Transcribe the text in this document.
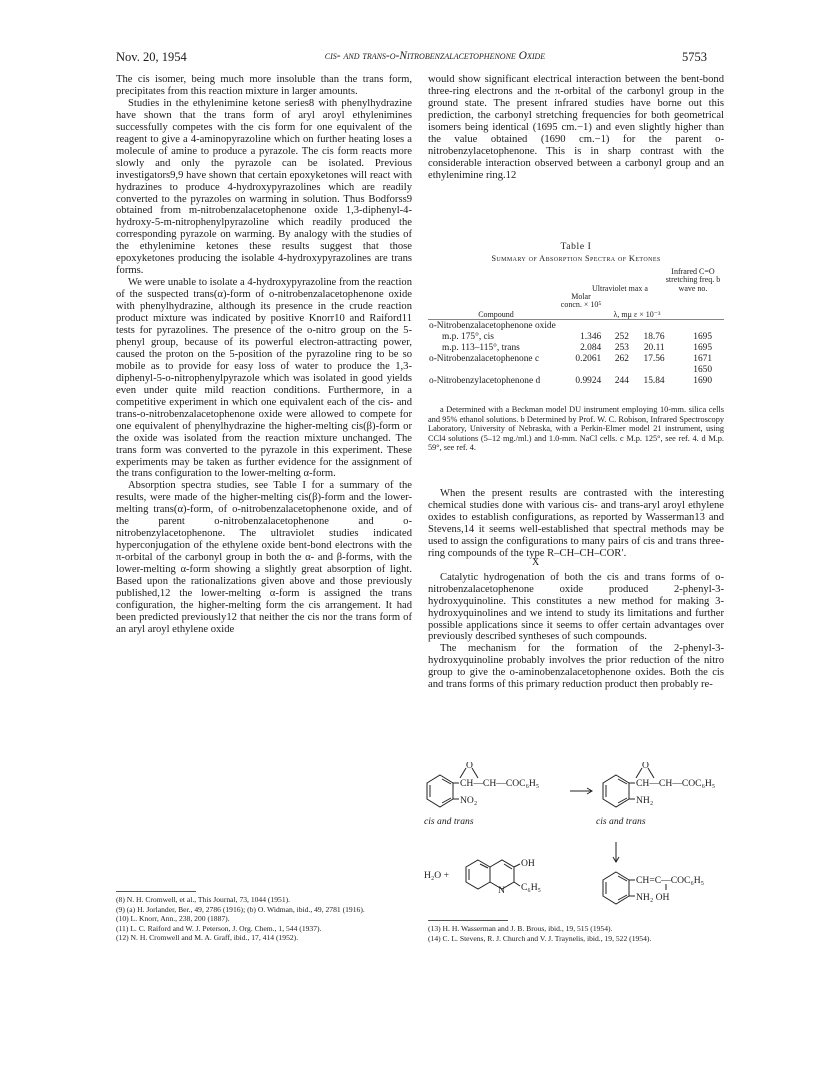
Nov. 20, 1954	cis- and trans-o-Nitrobenzalacetophenone Oxide	5753

The cis isomer, being much more insoluble than the trans form, precipitates from this reaction mixture in larger amounts.

Studies in the ethylenimine ketone series8 with phenylhydrazine have shown that the trans form of aryl aroyl ethylenimines successfully competes with the cis form for one equivalent of the reagent to give a 4-aminopyrazoline which on further heating loses a molecule of amine to produce a pyrazole. The cis form reacts more slowly and only the pyrazole can be isolated. Previous investigators9,9 have shown that certain epoxyketones will react with hydrazines to produce 4-hydroxypyrazolines which are readily converted to the pyrazoles on warming in solution. Thus Bodforss9 obtained from m-nitrobenzalacetophenone oxide 1,3-diphenyl-4-hydroxy-5-m-nitrophenylpyrazoline which readily produced the corresponding pyrazole on warming. By analogy with the studies of the ethylenimine ketones these results suggest that those epoxyketones producing the isolable 4-hydroxypyrazolines are trans forms.

We were unable to isolate a 4-hydroxypyrazoline from the reaction of the suspected trans(α)-form of o-nitrobenzalacetophenone oxide with phenylhydrazine, although its presence in the crude reaction product mixture was indicated by positive Knorr10 and Raiford11 tests for pyrazolines. The presence of the o-nitro group on the 5-phenyl group, because of its powerful electron-attracting power, caused the proton on the 5-position of the pyrazoline ring to be so mobile as to provide for easy loss of water to produce the 1,3-diphenyl-5-o-nitrophenylpyrazole which was isolated in good yields even under quite mild reaction conditions. Furthermore, in a competitive experiment in which one equivalent each of the cis- and trans-o-nitrobenzalacetophenone oxide were allowed to compete for one equivalent of phenylhydrazine the higher-melting cis(β)-form or the oxide was isolated from the reaction mixture unchanged. The trans form was converted to the pyrazole in this experiment. These experiments may be taken as further evidence for the assignment of the trans configuration to the lower-melting α-form.

Absorption spectra studies, see Table I for a summary of the results, were made of the higher-melting cis(β)-form and the lower-melting trans(α)-form, of o-nitrobenzalacetophenone oxide, and of the parent o-nitrobenzalacetophenone and o-nitrobenzylacetophenone. The ultraviolet studies indicated hyperconjugation of the ethylene oxide bent-bond electrons with the π-orbital of the carbonyl group in both the α- and β-forms, with the lower-melting α-form showing a slightly great absorption of light. Based upon the rationalizations given above and those previously published,12 the lower-melting α-form is assigned the trans configuration, the higher-melting form the cis arrangement. It had been predicted previously12 that neither the cis nor the trans form of an aryl aroyl ethylene oxide

(8) N. H. Cromwell, et al., This Journal, 73, 1044 (1951).
(9) (a) H. Jorlander, Ber., 49, 2786 (1916); (b) O. Widman, ibid., 49, 2781 (1916).
(10) L. Knorr, Ann., 238, 200 (1887).
(11) L. C. Raiford and W. J. Peterson, J. Org. Chem., 1, 544 (1937).
(12) N. H. Cromwell and M. A. Graff, ibid., 17, 414 (1952).

would show significant electrical interaction between the bent-bond three-ring electrons and the π-orbital of the carbonyl group in the ground state. The present infrared studies have borne out this prediction, the carbonyl stretching frequencies for both geometrical isomers being identical (1695 cm.−1) and even slightly higher than the value obtained (1690 cm.−1) for the parent o-nitrobenzylacetophenone. This is in sharp contrast with the considerable interaction observed between a carbonyl group and an ethylenimine ring.12

Table I
Summary of Absorption Spectra of Ketones
Infrared C=O stretching freq. b wave no.
Ultraviolet max a
Molar concn. × 10⁵
λ, mμ ε × 10⁻³
Compound
o-Nitrobenzalacetophenone oxide				
m.p. 175°, cis	1.346	252	18.76	1695
m.p. 113–115°, trans	2.084	253	20.11	1695
o-Nitrobenzalacetophenone c	0.2061	262	17.56	1671
				1650
o-Nitrobenzylacetophenone d	0.9924	244	15.84	1690
a Determined with a Beckman model DU instrument employing 10-mm. silica cells and 95% ethanol solutions. b Determined by Prof. W. C. Robison, Infrared Spectroscopy Laboratory, University of Nebraska, with a Perkin-Elmer model 21 instrument, using CCl4 solutions (5–12 mg./ml.) and 1.0-mm. NaCl cells. c M.p. 125°, see ref. 4. d M.p. 59°, see ref. 4.

When the present results are contrasted with the interesting chemical studies done with various cis- and trans-aryl aroyl ethylene oxides to establish configurations, as reported by Wasserman13 and Stevens,14 it seems well-established that spectral methods may be used to assign the configurations to many pairs of cis and trans three-ring compounds of the type R–CH–CH–COR′.

X

Catalytic hydrogenation of both the cis and trans forms of o-nitrobenzalacetophenone oxide produced 2-phenyl-3-hydroxyquinoline. This constitutes a new method for making 3-hydroxyquinolines and we intend to study its limitations and further possible applications since it seems to offer certain advantages over previously described syntheses of such compounds.

The mechanism for the formation of the 2-phenyl-3-hydroxyquinoline probably involves the prior reduction of the nitro group to give the o-aminobenzalacetophenone oxides. Both the cis and trans forms of this primary reduction product then probably re-

O
CH—CH—COC₆H₅
NO₂
cis and trans
O
CH—CH—COC₆H₅
NH₂
cis and trans
CH=C—COC₆H₅
NH₂ OH
H₂O +
OH
C₆H₅
N
(13) H. H. Wasserman and J. B. Brous, ibid., 19, 515 (1954).
(14) C. L. Stevens, R. J. Church and V. J. Traynelis, ibid., 19, 522 (1954).
